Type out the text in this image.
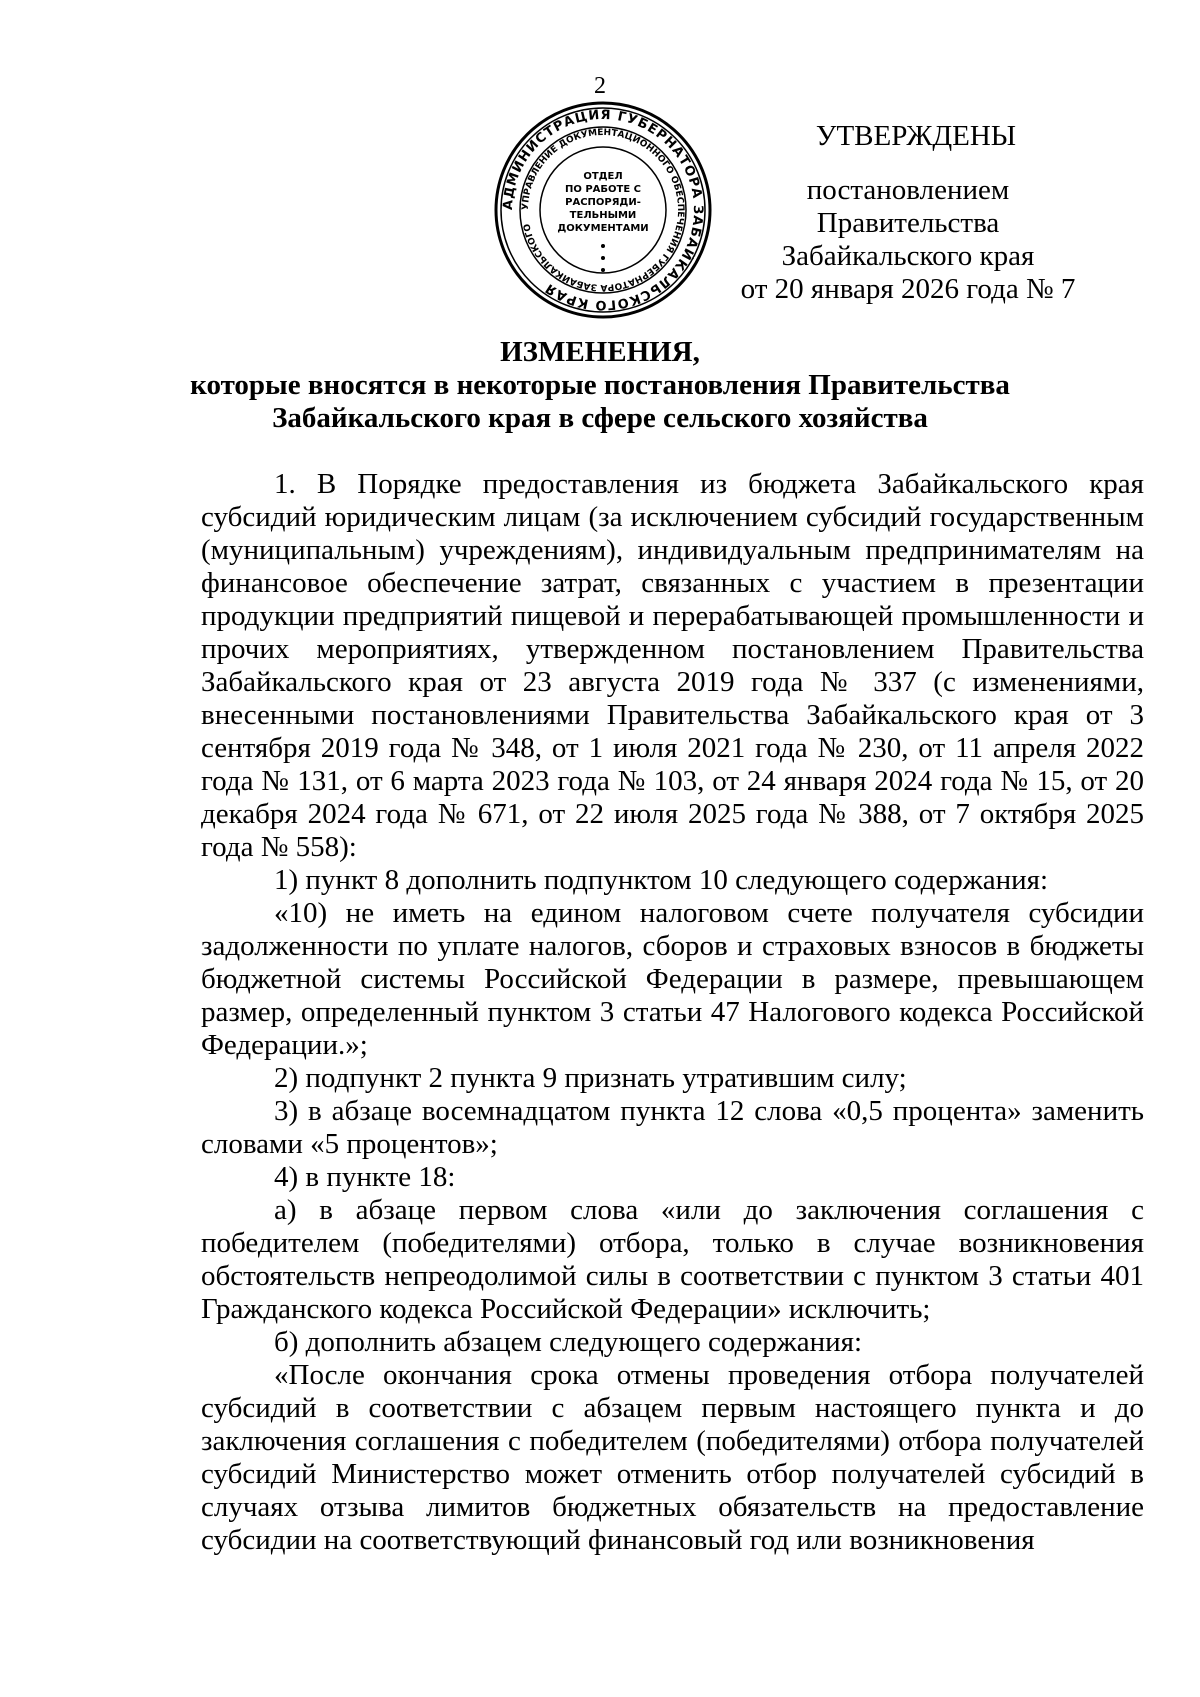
2
АДМИНИСТРАЦИЯ ГУБЕРНАТОРА ЗАБАЙКАЛЬСКОГО КРАЯ
УПРАВЛЕНИЕ ДОКУМЕНТАЦИОННОГО ОБЕСПЕЧЕНИЯ ГУБЕРНАТОРА ЗАБАЙКАЛЬСКОГО
ОТДЕЛ
ПО РАБОТЕ С
РАСПОРЯДИ-
ТЕЛЬНЫМИ
ДОКУМЕНТАМИ
УТВЕРЖДЕНЫ
постановлением Правительства
Забайкальского края
от 20 января 2026 года № 7
ИЗМЕНЕНИЯ,
которые вносятся в некоторые постановления Правительства
Забайкальского края в сфере сельского хозяйства

1. В Порядке предоставления из бюджета Забайкальского края субсидий юридическим лицам (за исключением субсидий государственным (муниципальным) учреждениям), индивидуальным предпринимателям на финансовое обеспечение затрат, связанных с участием в презентации продукции предприятий пищевой и перерабатывающей промышленности и прочих мероприятиях, утвержденном постановлением Правительства Забайкальского края от 23 августа 2019 года № 337 (с изменениями, внесенными постановлениями Правительства Забайкальского края от 3 сентября 2019 года № 348, от 1 июля 2021 года № 230, от 11 апреля 2022 года № 131, от 6 марта 2023 года № 103, от 24 января 2024 года № 15, от 20 декабря 2024 года № 671, от 22 июля 2025 года № 388, от 7 октября 2025 года № 558):

1) пункт 8 дополнить подпунктом 10 следующего содержания:

«10) не иметь на едином налоговом счете получателя субсидии задолженности по уплате налогов, сборов и страховых взносов в бюджеты бюджетной системы Российской Федерации в размере, превышающем размер, определенный пунктом 3 статьи 47 Налогового кодекса Российской Федерации.»;

2) подпункт 2 пункта 9 признать утратившим силу;

3) в абзаце восемнадцатом пункта 12 слова «0,5 процента» заменить словами «5 процентов»;

4) в пункте 18:

а) в абзаце первом слова «или до заключения соглашения с победителем (победителями) отбора, только в случае возникновения обстоятельств непреодолимой силы в соответствии с пунктом 3 статьи 401 Гражданского кодекса Российской Федерации» исключить;

б) дополнить абзацем следующего содержания:

«После окончания срока отмены проведения отбора получателей субсидий в соответствии с абзацем первым настоящего пункта и до заключения соглашения с победителем (победителями) отбора получателей субсидий Министерство может отменить отбор получателей субсидий в случаях отзыва лимитов бюджетных обязательств на предоставление субсидии на соответствующий финансовый год или возникновения
